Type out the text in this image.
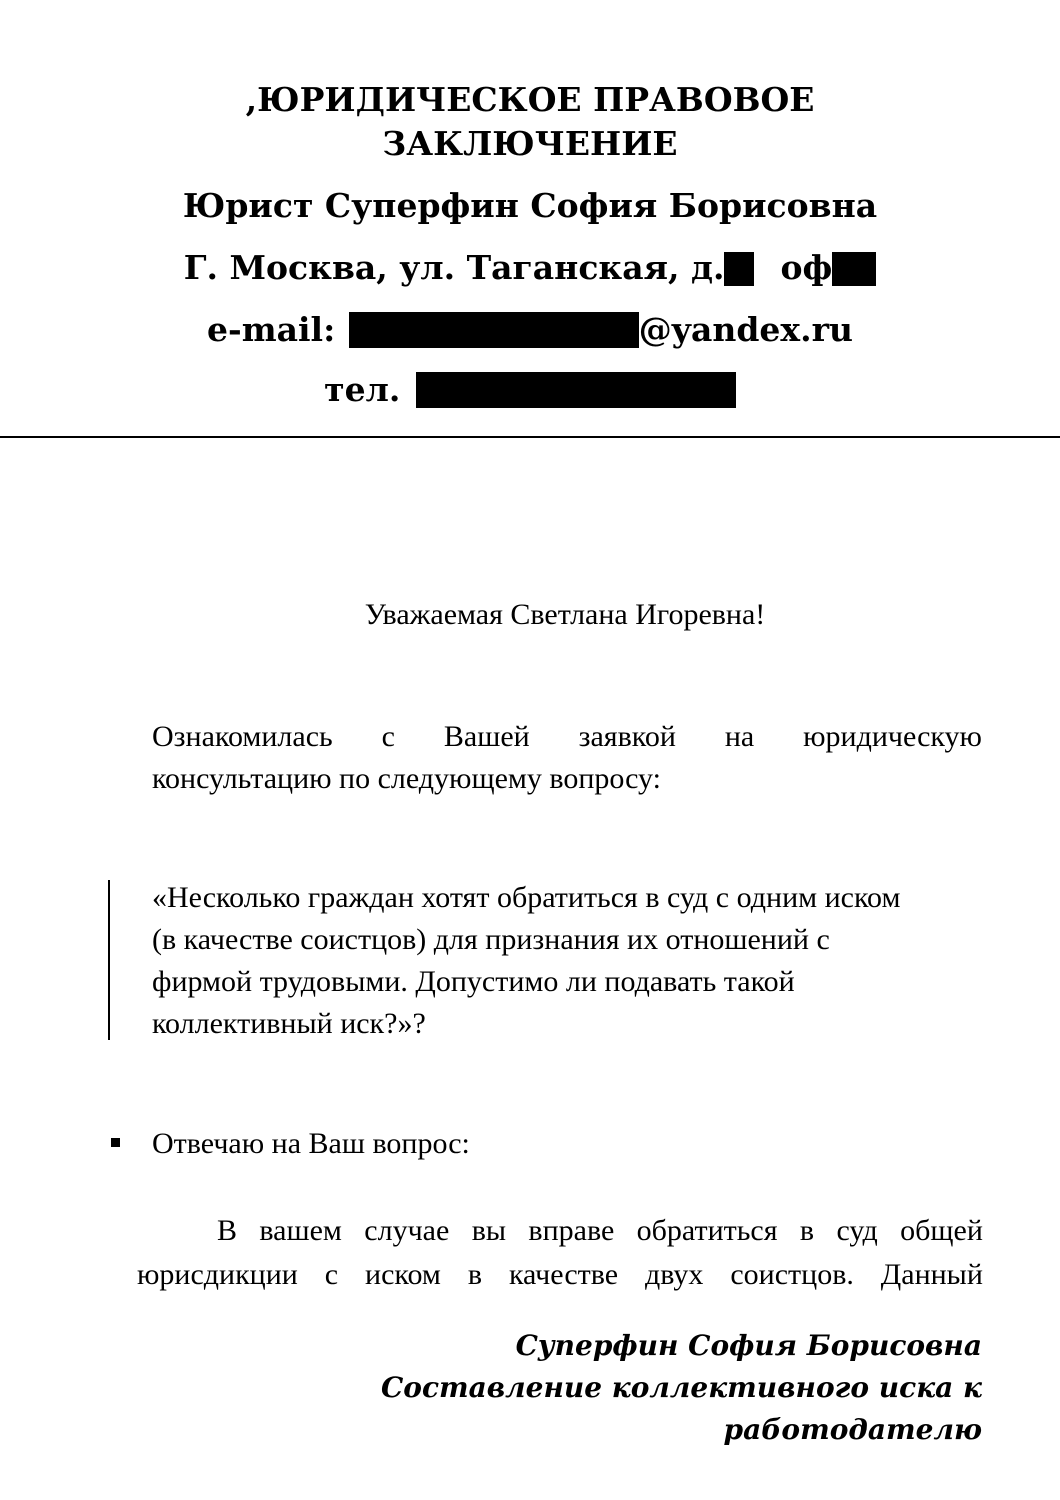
,ЮРИДИЧЕСКОЕ ПРАВОВОЕ
ЗАКЛЮЧЕНИЕ
Юрист Суперфин София Борисовна
Г. Москва, ул. Таганская, д. оф
e-mail:	@yandex.ru
тел.
Уважаемая Светлана Игоревна!
Ознакомилась с Вашей заявкой на юридическую
консультацию по следующему вопросу:
«Несколько граждан хотят обратиться в суд с одним иском
(в качестве соистцов) для признания их отношений с
фирмой трудовыми. Допустимо ли подавать такой
коллективный иск?»?
Отвечаю на Ваш вопрос:
В вашем случае вы вправе обратиться в суд общей
юрисдикции с иском в качестве двух соистцов. Данный
Суперфин София Борисовна
Составление коллективного иска к
работодателю
